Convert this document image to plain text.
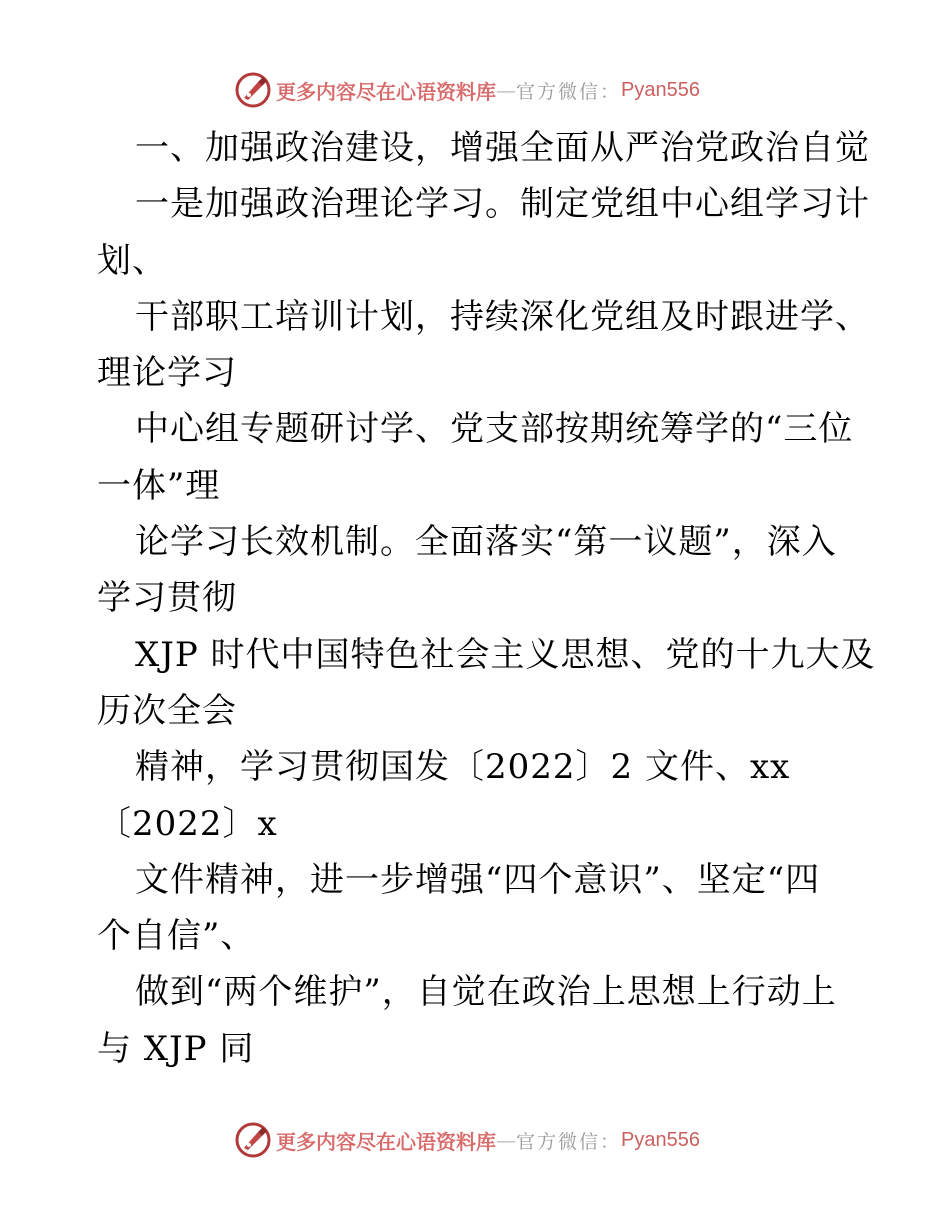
更多内容尽在心语资料库 — 官方微信： Pyan556
一、加强政治建设，增强全面从严治党政治自觉
一是加强政治理论学习。制定党组中心组学习计
划、
干部职工培训计划，持续深化党组及时跟进学、
理论学习
中心组专题研讨学、党支部按期统筹学的“三位
一体”理
论学习长效机制。全面落实“第一议题”，深入
学习贯彻
XJP 时代中国特色社会主义思想、党的十九大及
历次全会
精神，学习贯彻国发〔2022〕2 文件、xx
〔2022〕x
文件精神，进一步增强“四个意识”、坚定“四
个自信”、
做到“两个维护”，自觉在政治上思想上行动上
与 XJP 同
更多内容尽在心语资料库 — 官方微信： Pyan556
